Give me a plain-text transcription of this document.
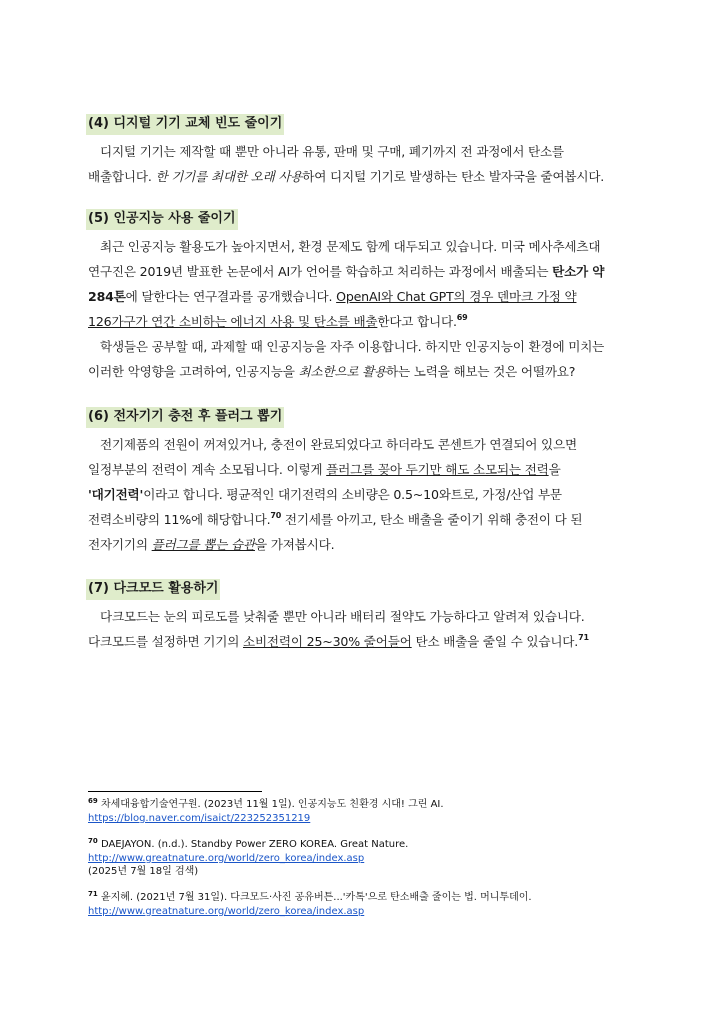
(4) 디지털 기기 교체 빈도 줄이기
디지털 기기는 제작할 때 뿐만 아니라 유통, 판매 및 구매, 폐기까지 전 과정에서 탄소를
배출합니다. 한 기기를 최대한 오래 사용하여 디지털 기기로 발생하는 탄소 발자국을 줄여봅시다.
(5) 인공지능 사용 줄이기
최근 인공지능 활용도가 높아지면서, 환경 문제도 함께 대두되고 있습니다. 미국 메사추세츠대
연구진은 2019년 발표한 논문에서 AI가 언어를 학습하고 처리하는 과정에서 배출되는 탄소가 약
284톤에 달한다는 연구결과를 공개했습니다. OpenAI와 Chat GPT의 경우 덴마크 가정 약
126가구가 연간 소비하는 에너지 사용 및 탄소를 배출한다고 합니다.$^{69}$
학생들은 공부할 때, 과제할 때 인공지능을 자주 이용합니다. 하지만 인공지능이 환경에 미치는
이러한 악영향을 고려하여, 인공지능을 최소한으로 활용하는 노력을 해보는 것은 어떨까요?
(6) 전자기기 충전 후 플러그 뽑기
전기제품의 전원이 꺼져있거나, 충전이 완료되었다고 하더라도 콘센트가 연결되어 있으면
일정부분의 전력이 계속 소모됩니다. 이렇게 플러그를 꽂아 두기만 해도 소모되는 전력을
'대기전력'이라고 합니다. 평균적인 대기전력의 소비량은 0.5~10와트로, 가정/산업 부문
전력소비량의 11%에 해당합니다.$^{70}$ 전기세를 아끼고, 탄소 배출을 줄이기 위해 충전이 다 된
전자기기의 플러그를 뽑는 습관을 가져봅시다.
(7) 다크모드 활용하기
다크모드는 눈의 피로도를 낮춰줄 뿐만 아니라 배터리 절약도 가능하다고 알려져 있습니다.
다크모드를 설정하면 기기의 소비전력이 25~30% 줄어들어 탄소 배출을 줄일 수 있습니다.$^{71}$
$^{69}$ 차세대융합기술연구원. (2023년 11월 1일). 인공지능도 친환경 시대! 그린 AI.
https://blog.naver.com/isaict/223252351219
$^{70}$ DAEJAYON. (n.d.). Standby Power ZERO KOREA. Great Nature.
http://www.greatnature.org/world/zero_korea/index.asp
(2025년 7월 18일 검색)
$^{71}$ 윤지혜. (2021년 7월 31일). 다크모드·사진 공유버튼...'카톡'으로 탄소배출 줄이는 법. 머니투데이.
http://www.greatnature.org/world/zero_korea/index.asp
